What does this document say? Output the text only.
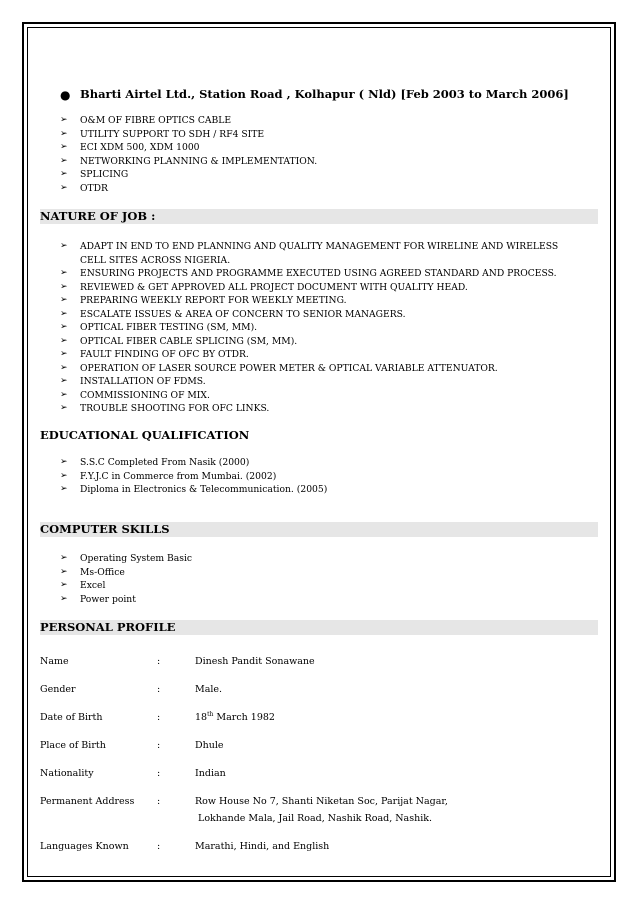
● Bharti Airtel Ltd., Station Road , Kolhapur ( Nld) [Feb 2003 to March 2006]
➢ O&M OF FIBRE OPTICS CABLE
➢ UTILITY SUPPORT TO SDH / RF4 SITE
➢ ECI XDM 500, XDM 1000
➢ NETWORKING PLANNING & IMPLEMENTATION.
➢ SPLICING
➢ OTDR
NATURE OF JOB :
➢ ADAPT IN END TO END PLANNING AND QUALITY MANAGEMENT FOR WIRELINE AND WIRELESS CELL SITES ACROSS NIGERIA.
➢ ENSURING PROJECTS AND PROGRAMME EXECUTED USING AGREED STANDARD AND PROCESS.
➢ REVIEWED & GET APPROVED ALL PROJECT DOCUMENT WITH QUALITY HEAD.
➢ PREPARING WEEKLY REPORT FOR WEEKLY MEETING.
➢ ESCALATE ISSUES & AREA OF CONCERN TO SENIOR MANAGERS.
➢ OPTICAL FIBER TESTING (SM, MM).
➢ OPTICAL FIBER CABLE SPLICING (SM, MM).
➢ FAULT FINDING OF OFC BY OTDR.
➢ OPERATION OF LASER SOURCE POWER METER & OPTICAL VARIABLE ATTENUATOR.
➢ INSTALLATION OF FDMS.
➢ COMMISSIONING OF MIX.
➢ TROUBLE SHOOTING FOR OFC LINKS.
EDUCATIONAL QUALIFICATION
➢ S.S.C Completed From Nasik (2000)
➢ F.Y.J.C in Commerce from Mumbai. (2002)
➢ Diploma in Electronics & Telecommunication. (2005)
COMPUTER SKILLS
➢ Operating System Basic
➢ Ms-Office
➢ Excel
➢ Power point
PERSONAL PROFILE
Name	:	Dinesh Pandit Sonawane
Gender	:	Male.
Date of Birth	:	18th March 1982
Place of Birth	:	Dhule
Nationality	:	Indian
Permanent Address :	Row House No 7, Shanti Niketan Soc, Parijat Nagar,
Lokhande Mala, Jail Road, Nashik Road, Nashik.
Languages Known	:	Marathi, Hindi, and English
